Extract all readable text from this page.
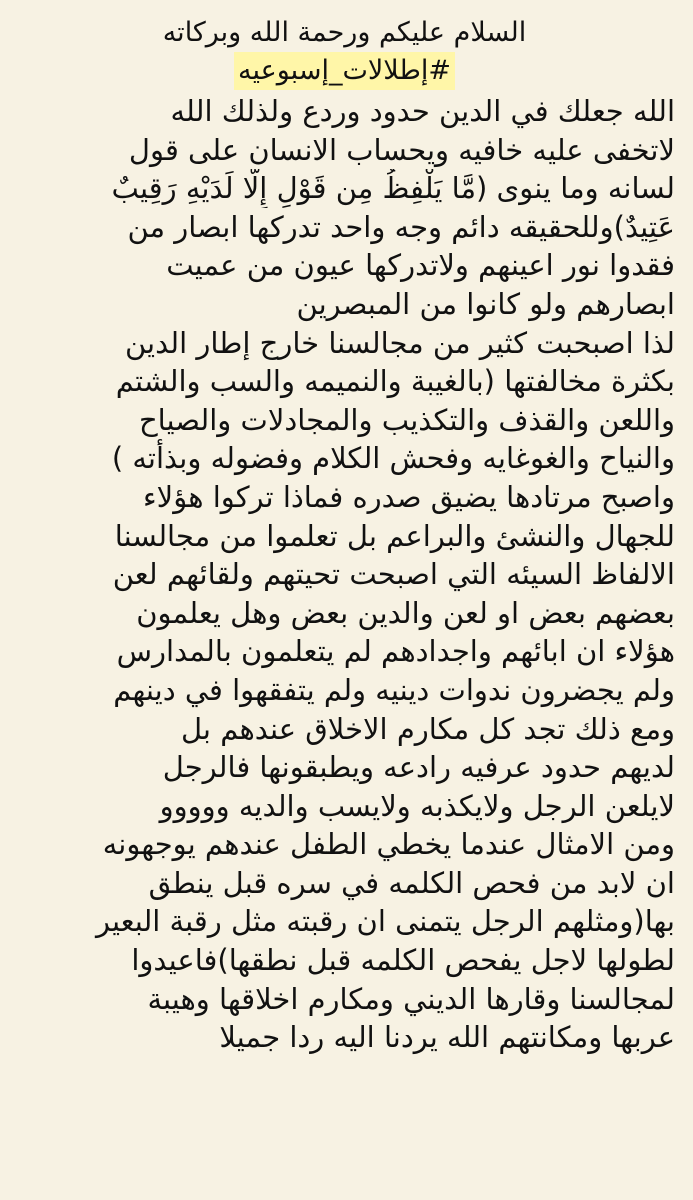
السلام عليكم ورحمة الله وبركاته
#إطلالات_إسبوعيه
الله جعلك في الدين حدود وردع ولذلك الله
لاتخفى عليه خافيه ويحساب الانسان على قول
لسانه وما ينوى (مَّا يَلْفِظُ مِن قَوْلٍ إِلَّا لَدَيْهِ رَقِيبٌ
عَتِيدٌ)وللحقيقه دائم وجه واحد تدركها ابصار من
فقدوا نور اعينهم ولاتدركها عيون من عميت
ابصارهم ولو كانوا من المبصرين
لذا اصبحبت كثير من مجالسنا خارج إطار الدين
بكثرة مخالفتها (بالغيبة والنميمه والسب والشتم
واللعن والقذف والتكذيب والمجادلات والصياح
والنياح والغوغايه وفحش الكلام وفضوله وبذأته )
واصبح مرتادها يضيق صدره فماذا تركوا هؤلاء
للجهال والنشئ والبراعم بل تعلموا من مجالسنا
الالفاظ السيئه التي اصبحت تحيتهم ولقائهم لعن
بعضهم بعض او لعن والدين بعض وهل يعلمون
هؤلاء ان ابائهم واجدادهم لم يتعلمون بالمدارس
ولم يجضرون ندوات دينيه ولم يتفقهوا في دينهم
ومع ذلك تجد كل مكارم الاخلاق عندهم بل
لديهم حدود عرفيه رادعه ويطبقونها فالرجل
لايلعن الرجل ولايكذبه ولايسب والديه ووووو
ومن الامثال عندما يخطي الطفل عندهم يوجهونه
ان لابد من فحص الكلمه في سره قبل ينطق
بها(ومثلهم الرجل يتمنى ان رقبته مثل رقبة البعير
لطولها لاجل يفحص الكلمه قبل نطقها)فاعيدوا
لمجالسنا وقارها الديني ومكارم اخلاقها وهيبة
عربها ومكانتهم الله يردنا اليه ردا جميلا
